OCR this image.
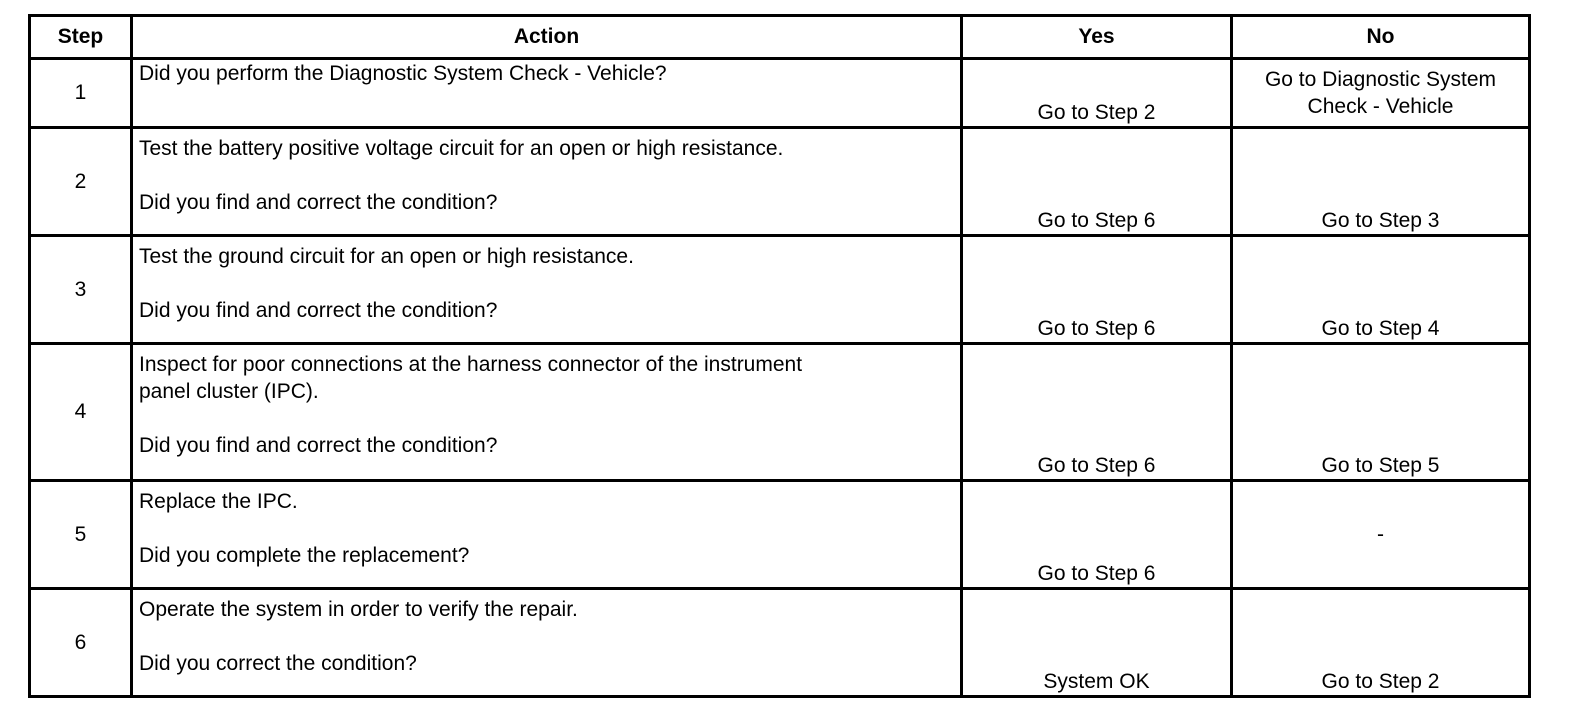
Step	Action	Yes	No
1	Did you perform the Diagnostic System Check - Vehicle?	Go to Step 2	Go to Diagnostic System
Check - Vehicle

2	Test the battery positive voltage circuit for an open or high resistance.
Did you find and correct the condition?	Go to Step 6	Go to Step 3
3	Test the ground circuit for an open or high resistance.
Did you find and correct the condition?	Go to Step 6	Go to Step 4
4	Inspect for poor connections at the harness connector of the instrument
panel cluster (IPC).
Did you find and correct the condition?	Go to Step 6	Go to Step 5
5	Replace the IPC.
Did you complete the replacement?	Go to Step 6	-
6	Operate the system in order to verify the repair.
Did you correct the condition?	System OK	Go to Step 2
